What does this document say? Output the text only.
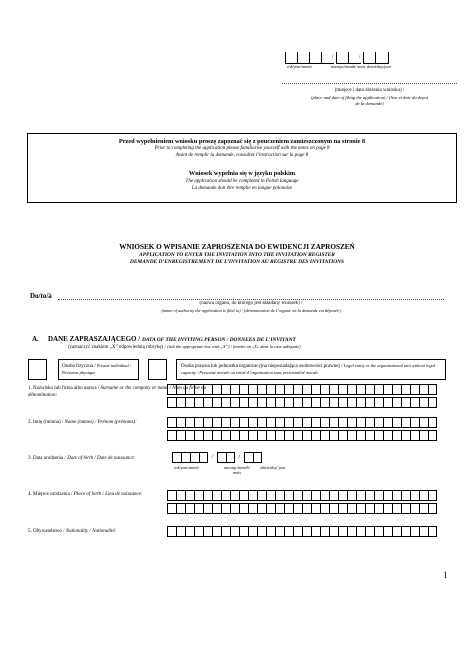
/	/
rok/year/année	miesiąc/month/ mois dzień/day/jour
(miejsce i data złożenia wniosku) /
(place and date of filing the application) / (lieu et date du depot
de la demande)
Przed wypełnieniem wniosku proszę zapoznać się z pouczeniem zamieszczonym na stronie 8
Prior to completing the application please familiarise yourself with the notes on page 8
Avant de remplir la demande, consultez l’instruction sur la page 8
Wniosek wypełnia się w języku polskim
The application should be completed in Polish language
La demande doit être remplie en langue polonaise
WNIOSEK O WPISANIE ZAPROSZENIA DO EWIDENCJI ZAPROSZEŃ
APPLICATION TO ENTER THE INVITATION INTO THE INVITATION REGISTER
DEMANDE D’ENREGISTREMENT DE L’INVITATION AU REGISTRE DES INVITATIONS
Do/to/à
(nazwa organu, do którego jest składany wniosek) /
(name of authority the application is filed to) / (dénomination de l’organe où la demande est déposée)
A. DANE ZAPRASZAJĄCEGO / DATA OF THE INVITING PERSON / DONNEES DE L’INVITANT
(zaznaczyć znakiem „X” odpowiednią rubrykę) / (tick the appropriate box with „X”) / (mettre un «X» dans la case adéquate)
Osoba fizyczna / Private individual / Personne physique
Osoba prawna lub jednostka organizacyjna nieposiadająca osobowości prawnej / Legal entity or the organizational unit without legal capacity / Personne morale ou entité d’organisation sans personnalité morale
1. Nazwisko lub firma albo nazwa / Surname or the company or name / Nom ou firme ou dénomination:
2. Imię (imiona) / Name (names) / Prénom (prénoms):
3. Data urodzenia / Date of birth / Date de naissance:	/	/
rok/year/année	miesiąc/month/ mois
dzień/day/ jour
4. Miejsce urodzenia / Place of birth / Lieu de naissance:
5. Obywatelstwo / Nationality / Nationalité:
1
